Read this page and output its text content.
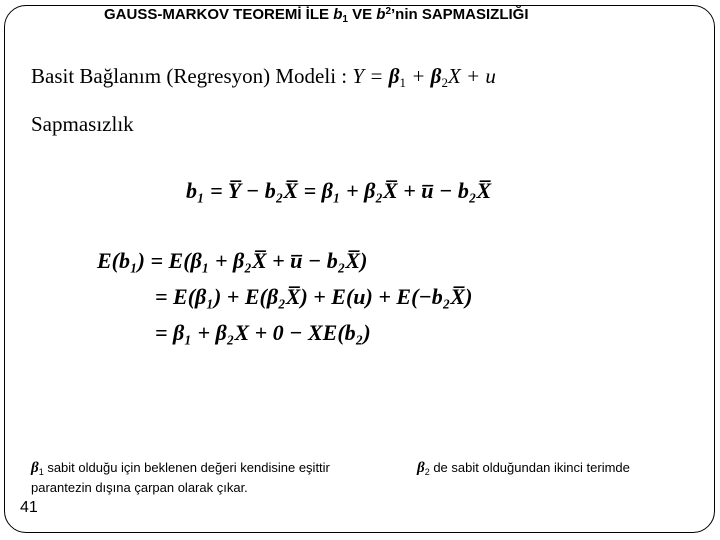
GAUSS-MARKOV TEOREMİ İLE $b_1$ VE $b^2’nin$ SAPMASIZLIĞI
Basit Bağlanım (Regresyon) Modeli : $Y = \beta_1 + \beta_2X + u$
Sapmasızlık
b₁ = Y̅ − b₂X̅ = β₁ + β₂X̅ + u̅ − b₂X̅
E(b₁) = E(β₁ + β₂X̅ + u̅ − b₂X̅)
= E(β₁) + E(β₂X̅) + E(u) + E(−b₂X̅)
= β₁ + β₂X + 0 − XE(b₂)
$\beta_1$ sabit olduğu için beklenen değeri kendisine eşittir
parantezin dışına çarpan olarak çıkar.
$\beta_2$ de sabit olduğundan ikinci terimde
41
